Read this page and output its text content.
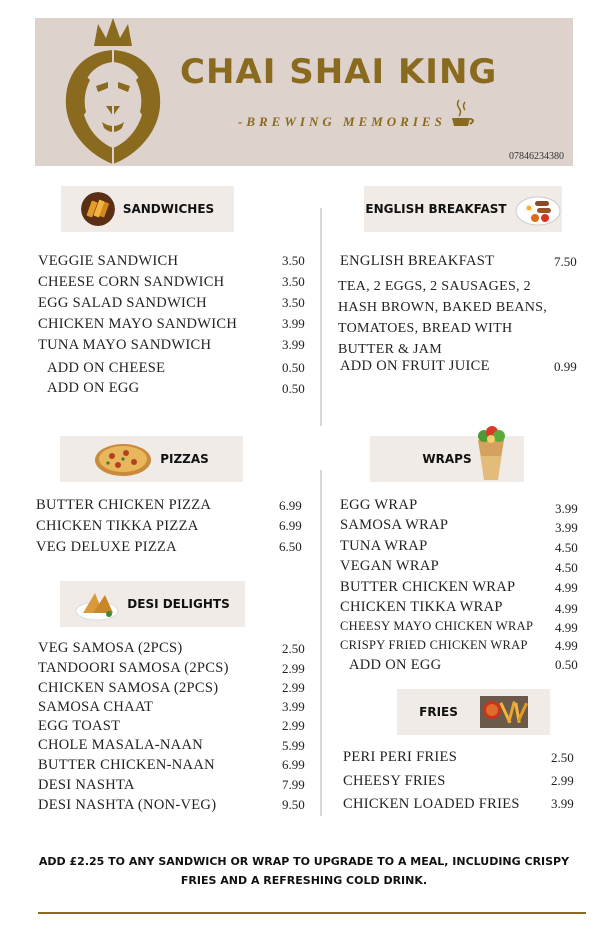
CHAI SHAI KING
-BREWING MEMORIES
07846234380
SANDWICHES
VEGGIE SANDWICH	3.50
CHEESE CORN SANDWICH	3.50
EGG SALAD SANDWICH	3.50
CHICKEN MAYO SANDWICH	3.99
TUNA MAYO SANDWICH	3.99
ADD ON CHEESE	0.50
ADD ON EGG	0.50
ENGLISH BREAKFAST
ENGLISH BREAKFAST	7.50
TEA, 2 EGGS, 2 SAUSAGES, 2 HASH BROWN, BAKED BEANS, TOMATOES, BREAD WITH BUTTER & JAM
ADD ON FRUIT JUICE	0.99
PIZZAS
BUTTER CHICKEN PIZZA	6.99
CHICKEN TIKKA PIZZA	6.99
VEG DELUXE PIZZA	6.50
WRAPS
EGG WRAP	3.99
SAMOSA WRAP	3.99
TUNA WRAP	4.50
VEGAN WRAP	4.50
BUTTER CHICKEN WRAP	4.99
CHICKEN TIKKA WRAP	4.99
CHEESY MAYO CHICKEN WRAP 4.99
CRISPY FRIED CHICKEN WRAP 4.99
ADD ON EGG	0.50
DESI DELIGHTS
VEG SAMOSA (2PCS)	2.50
TANDOORI SAMOSA (2PCS)	2.99
CHICKEN SAMOSA (2PCS)	2.99
SAMOSA CHAAT	3.99
EGG TOAST	2.99
CHOLE MASALA-NAAN	5.99
BUTTER CHICKEN-NAAN	6.99
DESI NASHTA	7.99
DESI NASHTA (NON-VEG)	9.50
FRIES
PERI PERI FRIES	2.50
CHEESY FRIES	2.99
CHICKEN LOADED FRIES 3.99
ADD £2.25 TO ANY SANDWICH OR WRAP TO UPGRADE TO A MEAL, INCLUDING CRISPY FRIES AND A REFRESHING COLD DRINK.
